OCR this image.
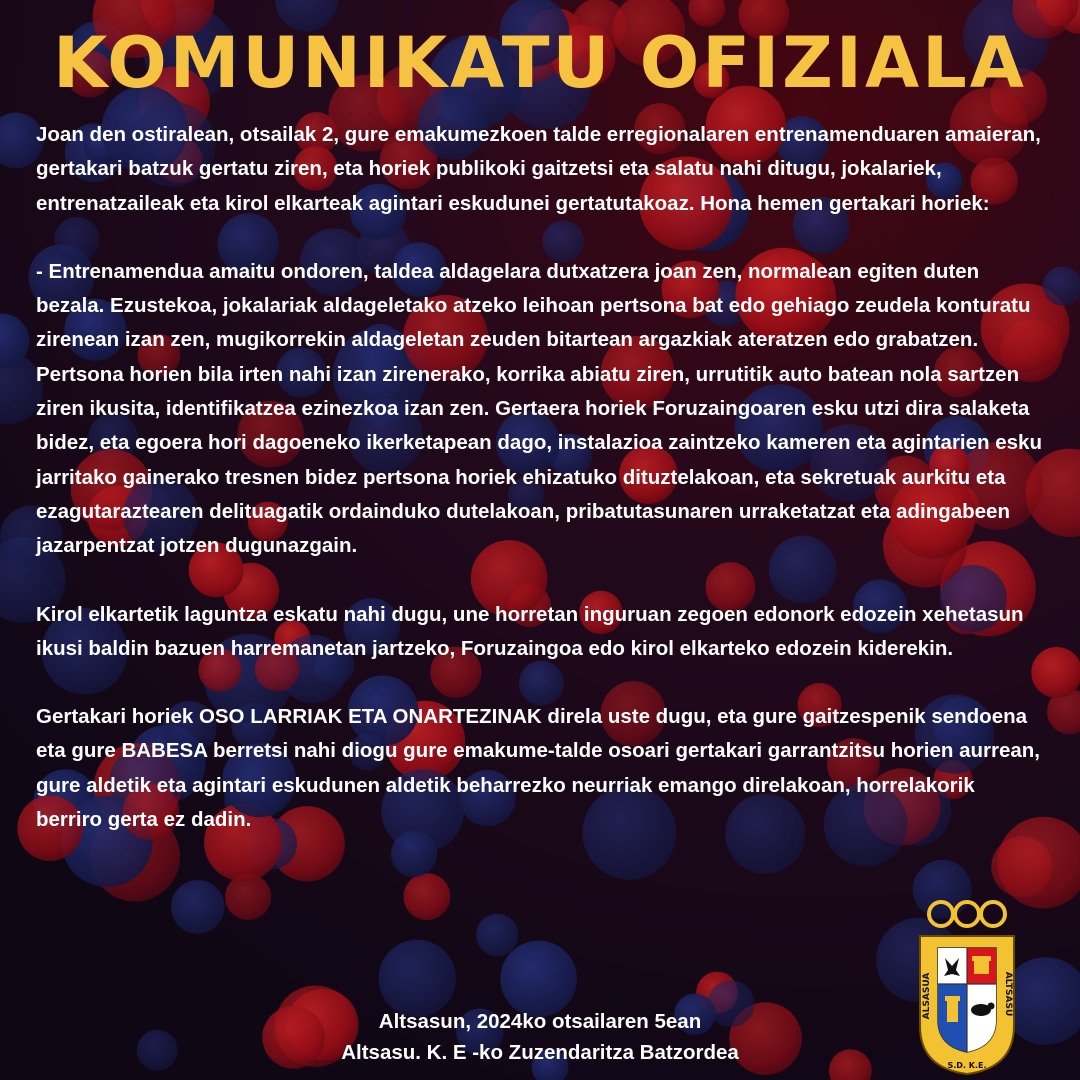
KOMUNIKATU OFIZIALA

Joan den ostiralean, otsailak 2, gure emakumezkoen talde erregionalaren entrenamenduaren amaieran, gertakari batzuk gertatu ziren, eta horiek publikoki gaitzetsi eta salatu nahi ditugu, jokalariek, entrenatzaileak eta kirol elkarteak agintari eskudunei gertatutakoaz. Hona hemen gertakari horiek:

- Entrenamendua amaitu ondoren, taldea aldagelara dutxatzera joan zen, normalean egiten duten bezala. Ezustekoa, jokalariak aldageletako atzeko leihoan pertsona bat edo gehiago zeudela konturatu zirenean izan zen, mugikorrekin aldageletan zeuden bitartean argazkiak ateratzen edo grabatzen. Pertsona horien bila irten nahi izan zirenerako, korrika abiatu ziren, urrutitik auto batean nola sartzen ziren ikusita, identifikatzea ezinezkoa izan zen. Gertaera horiek Foruzaingoaren esku utzi dira salaketa bidez, eta egoera hori dagoeneko ikerketapean dago, instalazioa zaintzeko kameren eta agintarien esku jarritako gainerako tresnen bidez pertsona horiek ehizatuko dituztelakoan, eta sekretuak aurkitu eta ezagutaraztearen delituagatik ordainduko dutelakoan, pribatutasunaren urraketatzat eta adingabeen jazarpentzat jotzen dugunazgain.

Kirol elkartetik laguntza eskatu nahi dugu, une horretan inguruan zegoen edonork edozein xehetasun ikusi baldin bazuen harremanetan jartzeko, Foruzaingoa edo kirol elkarteko edozein kiderekin.

Gertakari horiek OSO LARRIAK ETA ONARTEZINAK direla uste dugu, eta gure gaitzespenik sendoena eta gure BABESA berretsi nahi diogu gure emakume-talde osoari gertakari garrantzitsu horien aurrean, gure aldetik eta agintari eskudunen aldetik beharrezko neurriak emango direlakoan, horrelakorik berriro gerta ez dadin.

Altsasun, 2024ko otsailaren 5ean
Altsasu. K. E -ko Zuzendaritza Batzordea
ALSASUA	ALTSASU
S.D. K.E.
